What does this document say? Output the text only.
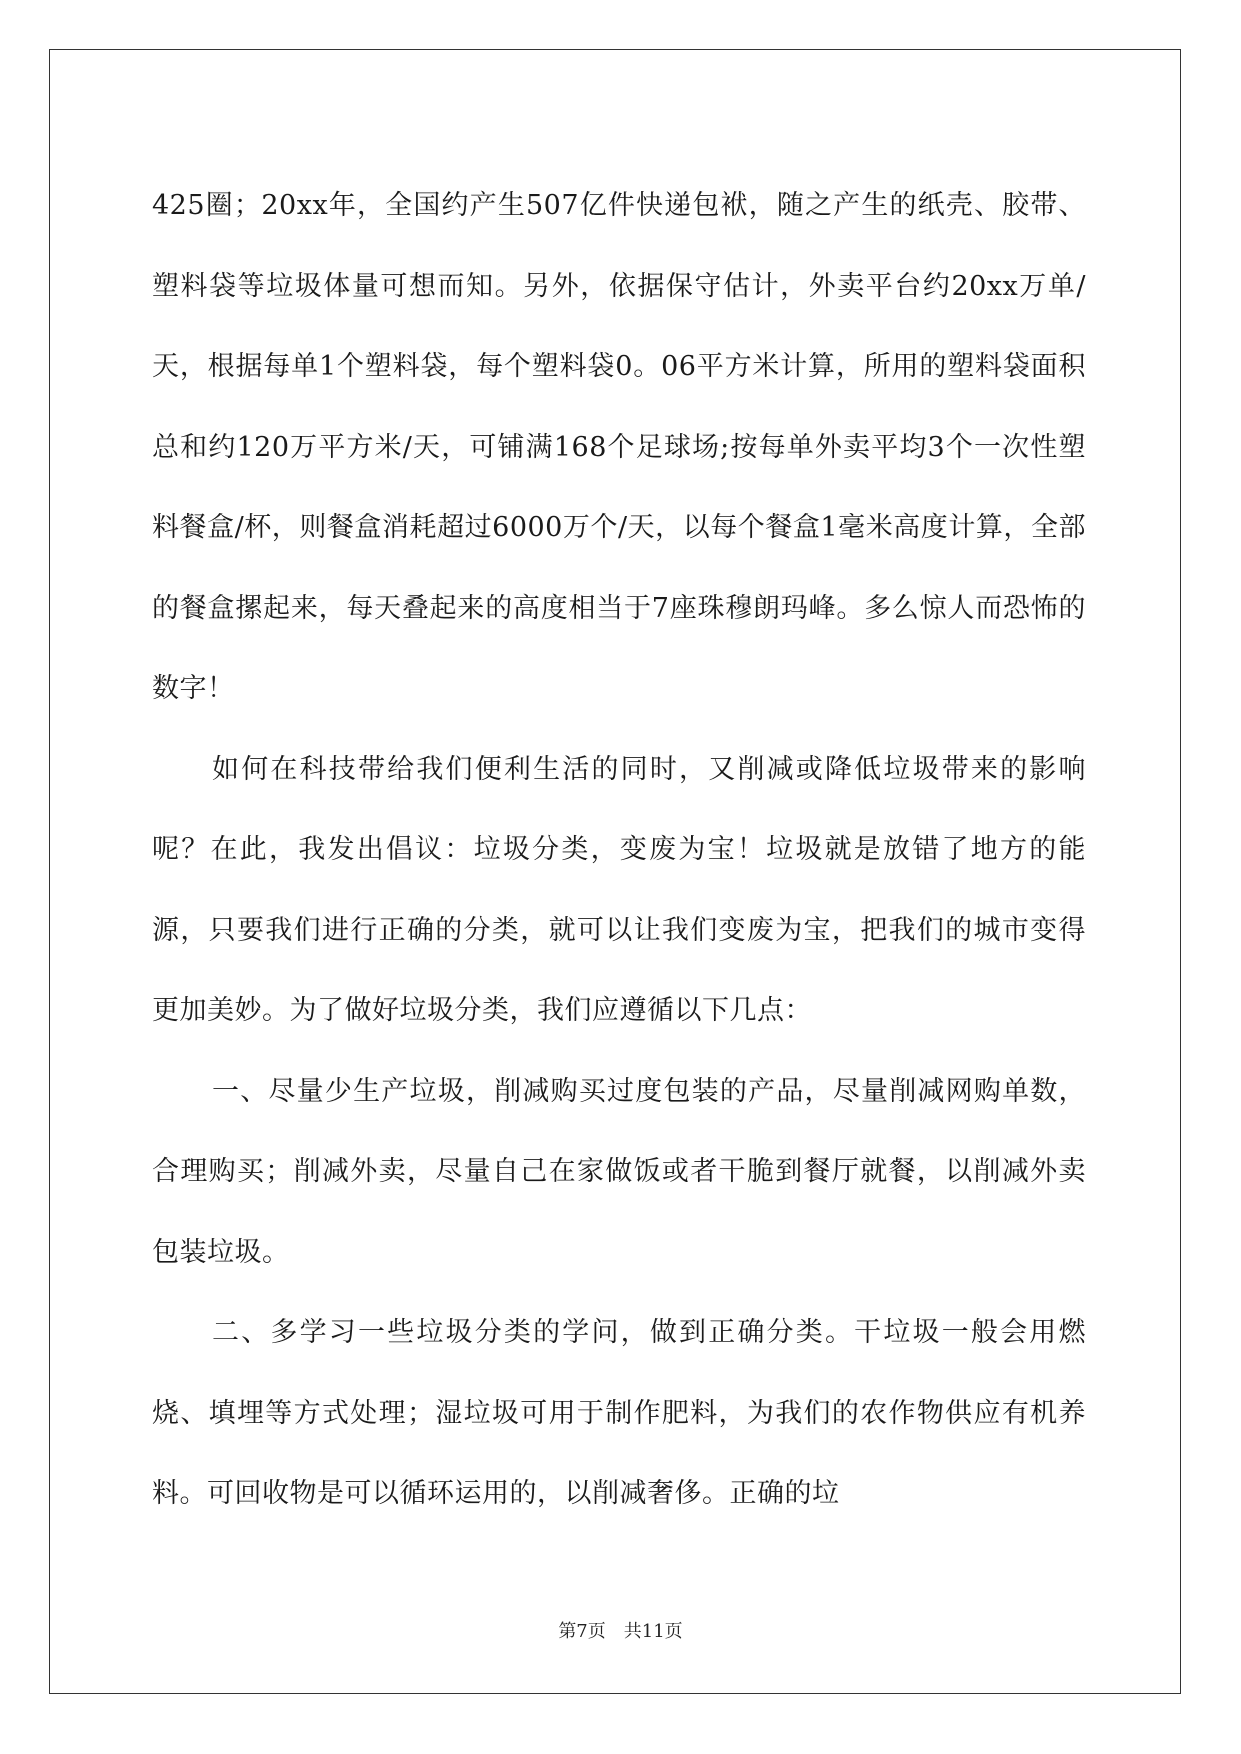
425圈；20xx年，全国约产生507亿件快递包袱，随之产生的纸壳、胶带、塑料袋等垃圾体量可想而知。另外，依据保守估计，外卖平台约20xx万单/天，根据每单1个塑料袋，每个塑料袋0。06平方米计算，所用的塑料袋面积总和约120万平方米/天，可铺满168个足球场;按每单外卖平均3个一次性塑料餐盒/杯，则餐盒消耗超过6000万个/天，以每个餐盒1毫米高度计算，全部的餐盒摞起来，每天叠起来的高度相当于7座珠穆朗玛峰。多么惊人而恐怖的数字！

如何在科技带给我们便利生活的同时，又削减或降低垃圾带来的影响呢？在此，我发出倡议：垃圾分类，变废为宝！垃圾就是放错了地方的能源，只要我们进行正确的分类，就可以让我们变废为宝，把我们的城市变得更加美妙。为了做好垃圾分类，我们应遵循以下几点：

一、尽量少生产垃圾，削减购买过度包装的产品，尽量削减网购单数，合理购买；削减外卖，尽量自己在家做饭或者干脆到餐厅就餐，以削减外卖包装垃圾。

二、多学习一些垃圾分类的学问，做到正确分类。干垃圾一般会用燃烧、填埋等方式处理；湿垃圾可用于制作肥料，为我们的农作物供应有机养料。可回收物是可以循环运用的，以削减奢侈。正确的垃

第7页 共11页
